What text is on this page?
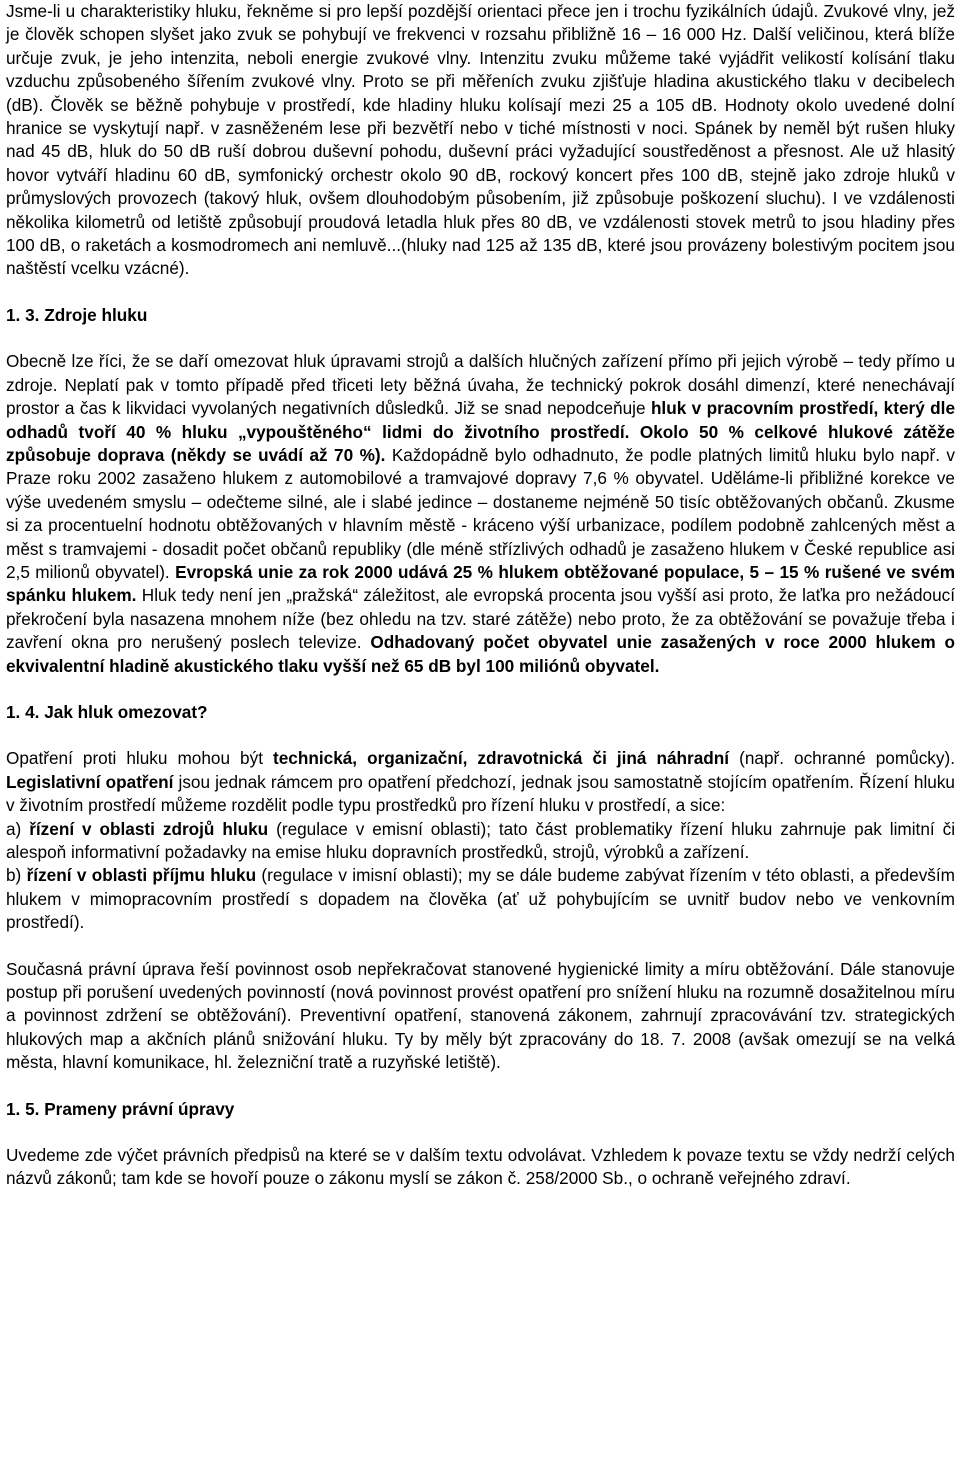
Jsme-li u charakteristiky hluku, řekněme si pro lepší pozdější orientaci přece jen i trochu fyzikálních údajů. Zvukové vlny, jež je člověk schopen slyšet jako zvuk se pohybují ve frekvenci v rozsahu přibližně 16 – 16 000 Hz. Další veličinou, která blíže určuje zvuk, je jeho intenzita, neboli energie zvukové vlny. Intenzitu zvuku můžeme také vyjádřit velikostí kolísání tlaku vzduchu způsobeného šířením zvukové vlny. Proto se při měřeních zvuku zjišťuje hladina akustického tlaku v decibelech (dB). Člověk se běžně pohybuje v prostředí, kde hladiny hluku kolísají mezi 25 a 105 dB. Hodnoty okolo uvedené dolní hranice se vyskytují např. v zasněženém lese při bezvětří nebo v tiché místnosti v noci. Spánek by neměl být rušen hluky nad 45 dB, hluk do 50 dB ruší dobrou duševní pohodu, duševní práci vyžadující soustředěnost a přesnost. Ale už hlasitý hovor vytváří hladinu 60 dB, symfonický orchestr okolo 90 dB, rockový koncert přes 100 dB, stejně jako zdroje hluků v průmyslových provozech (takový hluk, ovšem dlouhodobým působením, již způsobuje poškození sluchu). I ve vzdálenosti několika kilometrů od letiště způsobují proudová letadla hluk přes 80 dB, ve vzdálenosti stovek metrů to jsou hladiny přes 100 dB, o raketách a kosmodromech ani nemluvě...(hluky nad 125 až 135 dB, které jsou provázeny bolestivým pocitem jsou naštěstí vcelku vzácné).

1. 3. Zdroje hluku

Obecně lze říci, že se daří omezovat hluk úpravami strojů a dalších hlučných zařízení přímo při jejich výrobě – tedy přímo u zdroje. Neplatí pak v tomto případě před třiceti lety běžná úvaha, že technický pokrok dosáhl dimenzí, které nenechávají prostor a čas k likvidaci vyvolaných negativních důsledků. Již se snad nepodceňuje hluk v pracovním prostředí, který dle odhadů tvoří 40 % hluku „vypouštěného“ lidmi do životního prostředí. Okolo 50 % celkové hlukové zátěže způsobuje doprava (někdy se uvádí až 70 %). Každopádně bylo odhadnuto, že podle platných limitů hluku bylo např. v Praze roku 2002 zasaženo hlukem z automobilové a tramvajové dopravy 7,6 % obyvatel. Uděláme-li přibližné korekce ve výše uvedeném smyslu – odečteme silné, ale i slabé jedince – dostaneme nejméně 50 tisíc obtěžovaných občanů. Zkusme si za procentuelní hodnotu obtěžovaných v hlavním městě - kráceno výší urbanizace, podílem podobně zahlcených měst a měst s tramvajemi - dosadit počet občanů republiky (dle méně střízlivých odhadů je zasaženo hlukem v České republice asi 2,5 milionů obyvatel). Evropská unie za rok 2000 udává 25 % hlukem obtěžované populace, 5 – 15 % rušené ve svém spánku hlukem. Hluk tedy není jen „pražská“ záležitost, ale evropská procenta jsou vyšší asi proto, že laťka pro nežádoucí překročení byla nasazena mnohem níže (bez ohledu na tzv. staré zátěže) nebo proto, že za obtěžování se považuje třeba i zavření okna pro nerušený poslech televize. Odhadovaný počet obyvatel unie zasažených v roce 2000 hlukem o ekvivalentní hladině akustického tlaku vyšší než 65 dB byl 100 miliónů obyvatel.

1. 4. Jak hluk omezovat?

Opatření proti hluku mohou být technická, organizační, zdravotnická či jiná náhradní (např. ochranné pomůcky). Legislativní opatření jsou jednak rámcem pro opatření předchozí, jednak jsou samostatně stojícím opatřením. Řízení hluku v životním prostředí můžeme rozdělit podle typu prostředků pro řízení hluku v prostředí, a sice:

a) řízení v oblasti zdrojů hluku (regulace v emisní oblasti); tato část problematiky řízení hluku zahrnuje pak limitní či alespoň informativní požadavky na emise hluku dopravních prostředků, strojů, výrobků a zařízení.

b) řízení v oblasti příjmu hluku (regulace v imisní oblasti); my se dále budeme zabývat řízením v této oblasti, a především hlukem v mimopracovním prostředí s dopadem na člověka (ať už pohybujícím se uvnitř budov nebo ve venkovním prostředí).

Současná právní úprava řeší povinnost osob nepřekračovat stanovené hygienické limity a míru obtěžování. Dále stanovuje postup při porušení uvedených povinností (nová povinnost provést opatření pro snížení hluku na rozumně dosažitelnou míru a povinnost zdržení se obtěžování). Preventivní opatření, stanovená zákonem, zahrnují zpracovávání tzv. strategických hlukových map a akčních plánů snižování hluku. Ty by měly být zpracovány do 18. 7. 2008 (avšak omezují se na velká města, hlavní komunikace, hl. železniční tratě a ruzyňské letiště).

1. 5. Prameny právní úpravy

Uvedeme zde výčet právních předpisů na které se v dalším textu odvolávat. Vzhledem k povaze textu se vždy nedrží celých názvů zákonů; tam kde se hovoří pouze o zákonu myslí se zákon č. 258/2000 Sb., o ochraně veřejného zdraví.
